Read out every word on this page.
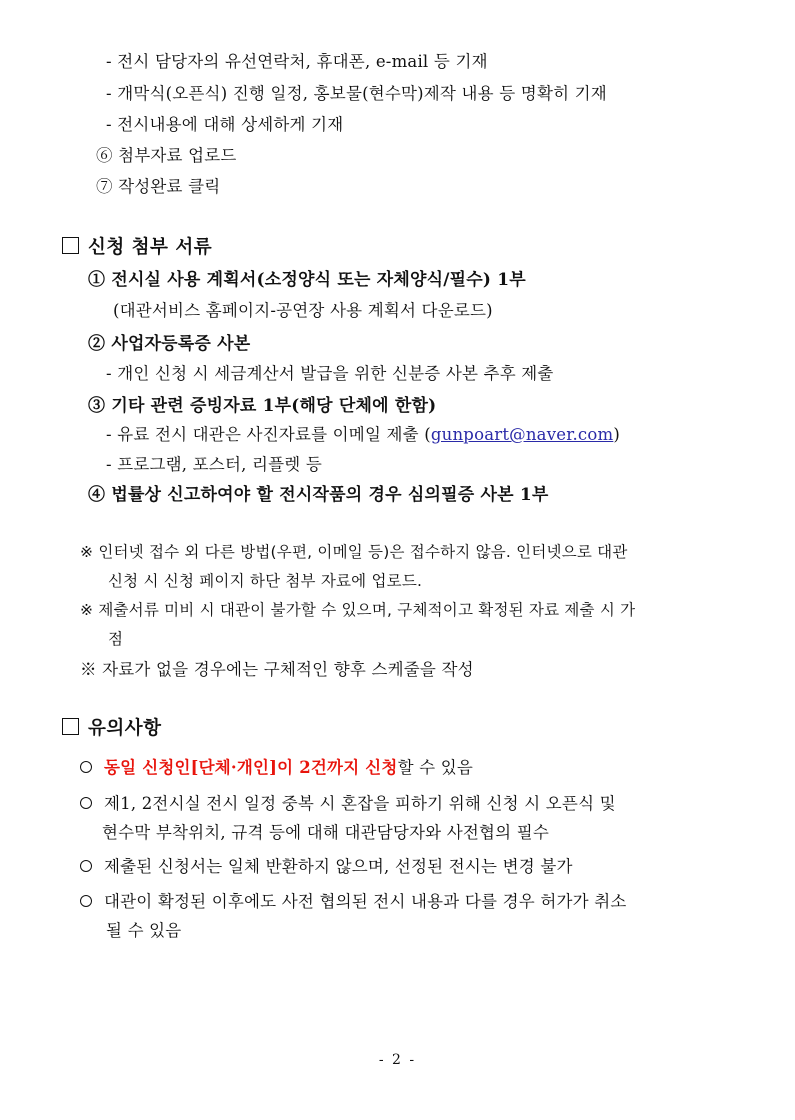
- 전시 담당자의 유선연락처, 휴대폰, e-mail 등 기재
- 개막식(오픈식) 진행 일정, 홍보물(현수막)제작 내용 등 명확히 기재
- 전시내용에 대해 상세하게 기재
⑥ 첨부자료 업로드
⑦ 작성완료 클릭
신청 첨부 서류
① 전시실 사용 계획서(소정양식 또는 자체양식/필수) 1부
(대관서비스 홈페이지-공연장 사용 계획서 다운로드)
② 사업자등록증 사본
- 개인 신청 시 세금계산서 발급을 위한 신분증 사본 추후 제출
③ 기타 관련 증빙자료 1부(해당 단체에 한함)
- 유료 전시 대관은 사진자료를 이메일 제출 (gunpoart@naver.com)
- 프로그램, 포스터, 리플렛 등
④ 법률상 신고하여야 할 전시작품의 경우 심의필증 사본 1부
※ 인터넷 접수 외 다른 방법(우편, 이메일 등)은 접수하지 않음. 인터넷으로 대관
신청 시 신청 페이지 하단 첨부 자료에 업로드.
※ 제출서류 미비 시 대관이 불가할 수 있으며, 구체적이고 확정된 자료 제출 시 가
점
※ 자료가 없을 경우에는 구체적인 향후 스케줄을 작성
유의사항
동일 신청인[단체·개인]이 2건까지 신청할 수 있음
제1, 2전시실 전시 일정 중복 시 혼잡을 피하기 위해 신청 시 오픈식 및
현수막 부착위치, 규격 등에 대해 대관담당자와 사전협의 필수
제출된 신청서는 일체 반환하지 않으며, 선정된 전시는 변경 불가
대관이 확정된 이후에도 사전 협의된 전시 내용과 다를 경우 허가가 취소
될 수 있음
- 2 -
